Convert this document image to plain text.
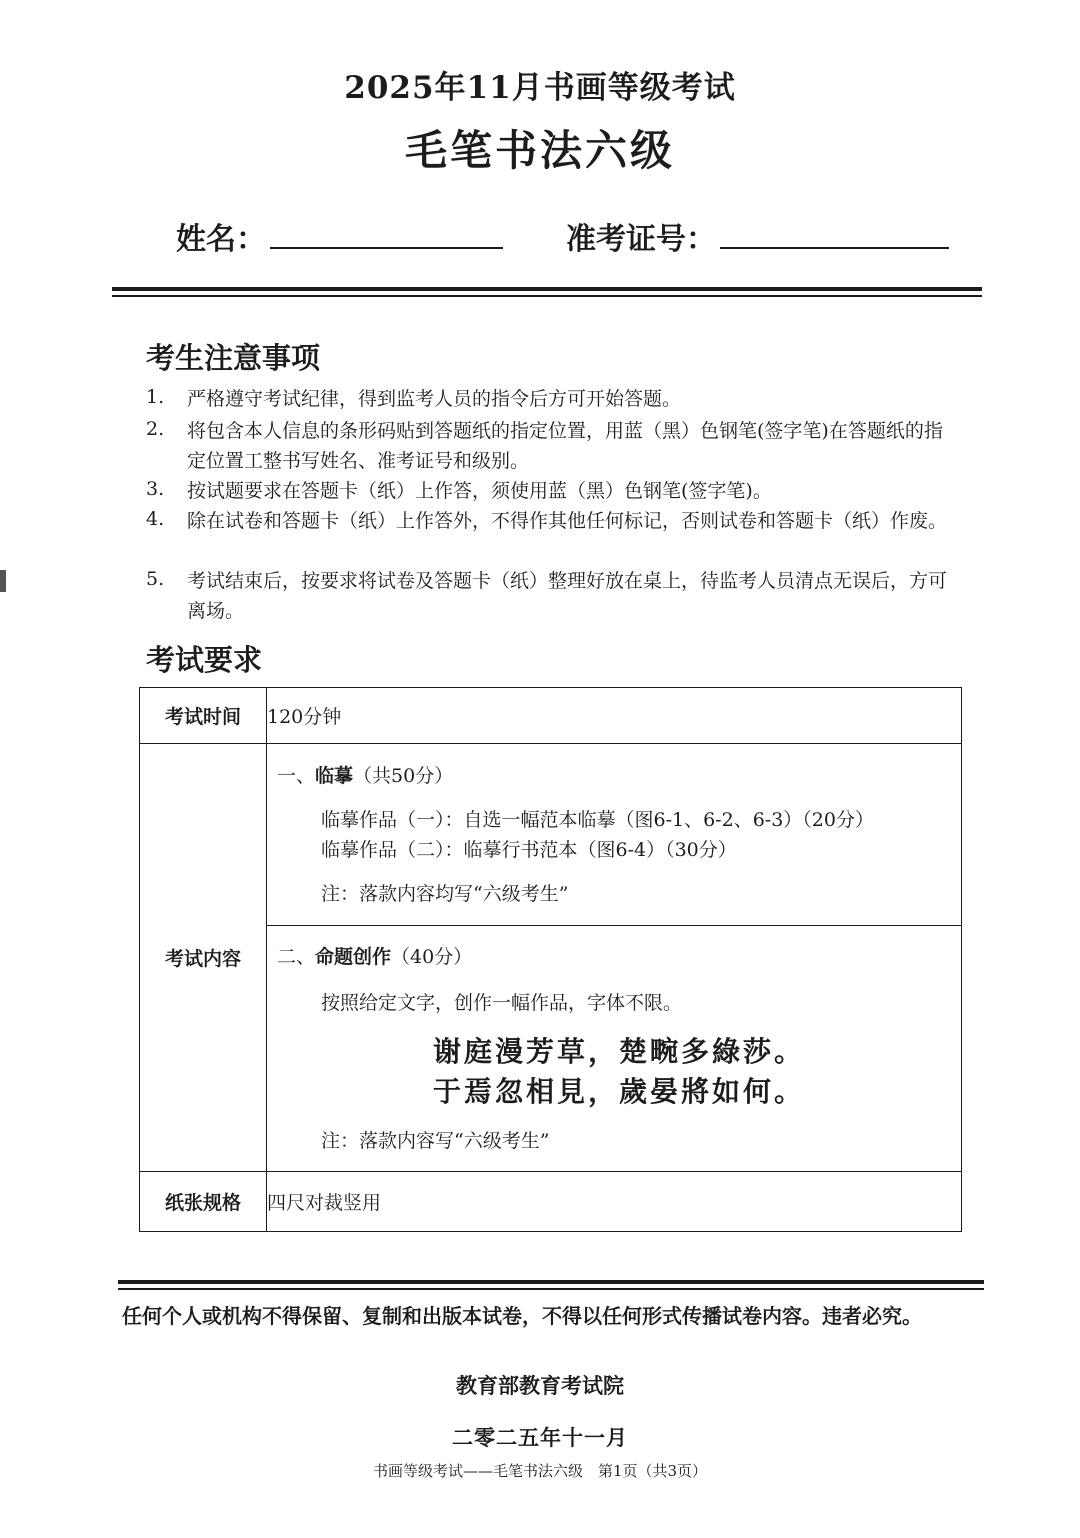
2025年11月书画等级考试
毛笔书法六级
姓名：	准考证号：
考生注意事项
1. 严格遵守考试纪律，得到监考人员的指令后方可开始答题。
2. 将包含本人信息的条形码贴到答题纸的指定位置，用蓝（黑）色钢笔(签字笔)在答题纸的指定位置工整书写姓名、准考证号和级别。
3. 按试题要求在答题卡（纸）上作答，须使用蓝（黑）色钢笔(签字笔)。
4. 除在试卷和答题卡（纸）上作答外，不得作其他任何标记，否则试卷和答题卡（纸）作废。
5. 考试结束后，按要求将试卷及答题卡（纸）整理好放在桌上，待监考人员清点无误后，方可离场。
考试要求
考试时间	120分钟
考试内容	一、临摹（共50分）
临摹作品（一）：自选一幅范本临摹（图6-1、6-2、6-3）（20分）
临摹作品（二）：临摹行书范本（图6-4）（30分）
注：落款内容均写“六级考生”

	二、命题创作（40分）
按照给定文字，创作一幅作品，字体不限。
谢庭漫芳草，楚畹多綠莎。
于焉忽相見，歲晏將如何。
注：落款内容写“六级考生”

纸张规格	四尺对裁竖用
任何个人或机构不得保留、复制和出版本试卷，不得以任何形式传播试卷内容。违者必究。
教育部教育考试院
二零二五年十一月
书画等级考试——毛笔书法六级　第1页（共3页）
